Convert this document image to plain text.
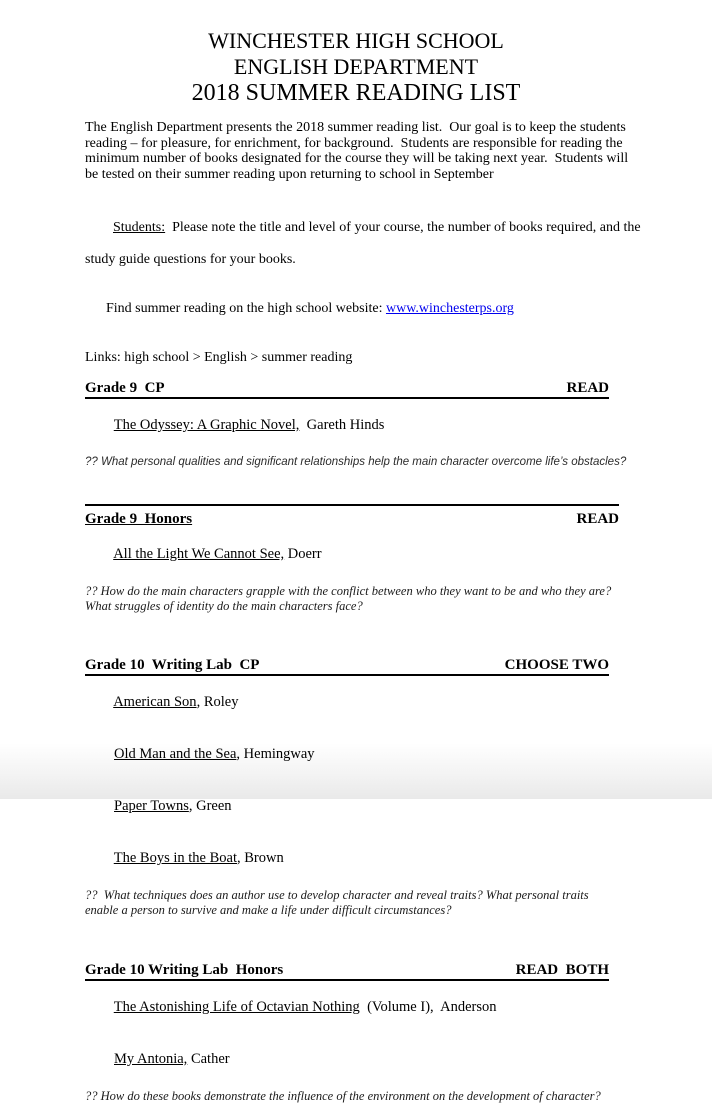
WINCHESTER HIGH SCHOOL
ENGLISH DEPARTMENT
2018 SUMMER READING LIST
The English Department presents the 2018 summer reading list.  Our goal is to keep the students
reading – for pleasure, for enrichment, for background.  Students are responsible for reading the
minimum number of books designated for the course they will be taking next year.  Students will
be tested on their summer reading upon returning to school in September

Students:  Please note the title and level of your course, the number of books required, and the

study guide questions for your books.

Find summer reading on the high school website: www.winchesterps.org

Links: high school > English > summer reading
Grade 9  CP	READ

The Odyssey: A Graphic Novel,  Gareth Hinds

?? What personal qualities and significant relationships help the main character overcome life’s obstacles?
Grade 9  Honors	READ

All the Light We Cannot See, Doerr

?? How do the main characters grapple with the conflict between who they want to be and who they are?
What struggles of identity do the main characters face?
Grade 10  Writing Lab  CP	CHOOSE TWO

American Son, Roley

Old Man and the Sea, Hemingway

Paper Towns, Green

The Boys in the Boat, Brown

??  What techniques does an author use to develop character and reveal traits? What personal traits
enable a person to survive and make a life under difficult circumstances?
Grade 10 Writing Lab  Honors	READ  BOTH

The Astonishing Life of Octavian Nothing  (Volume I),  Anderson

My Antonia, Cather

?? How do these books demonstrate the influence of the environment on the development of character?
